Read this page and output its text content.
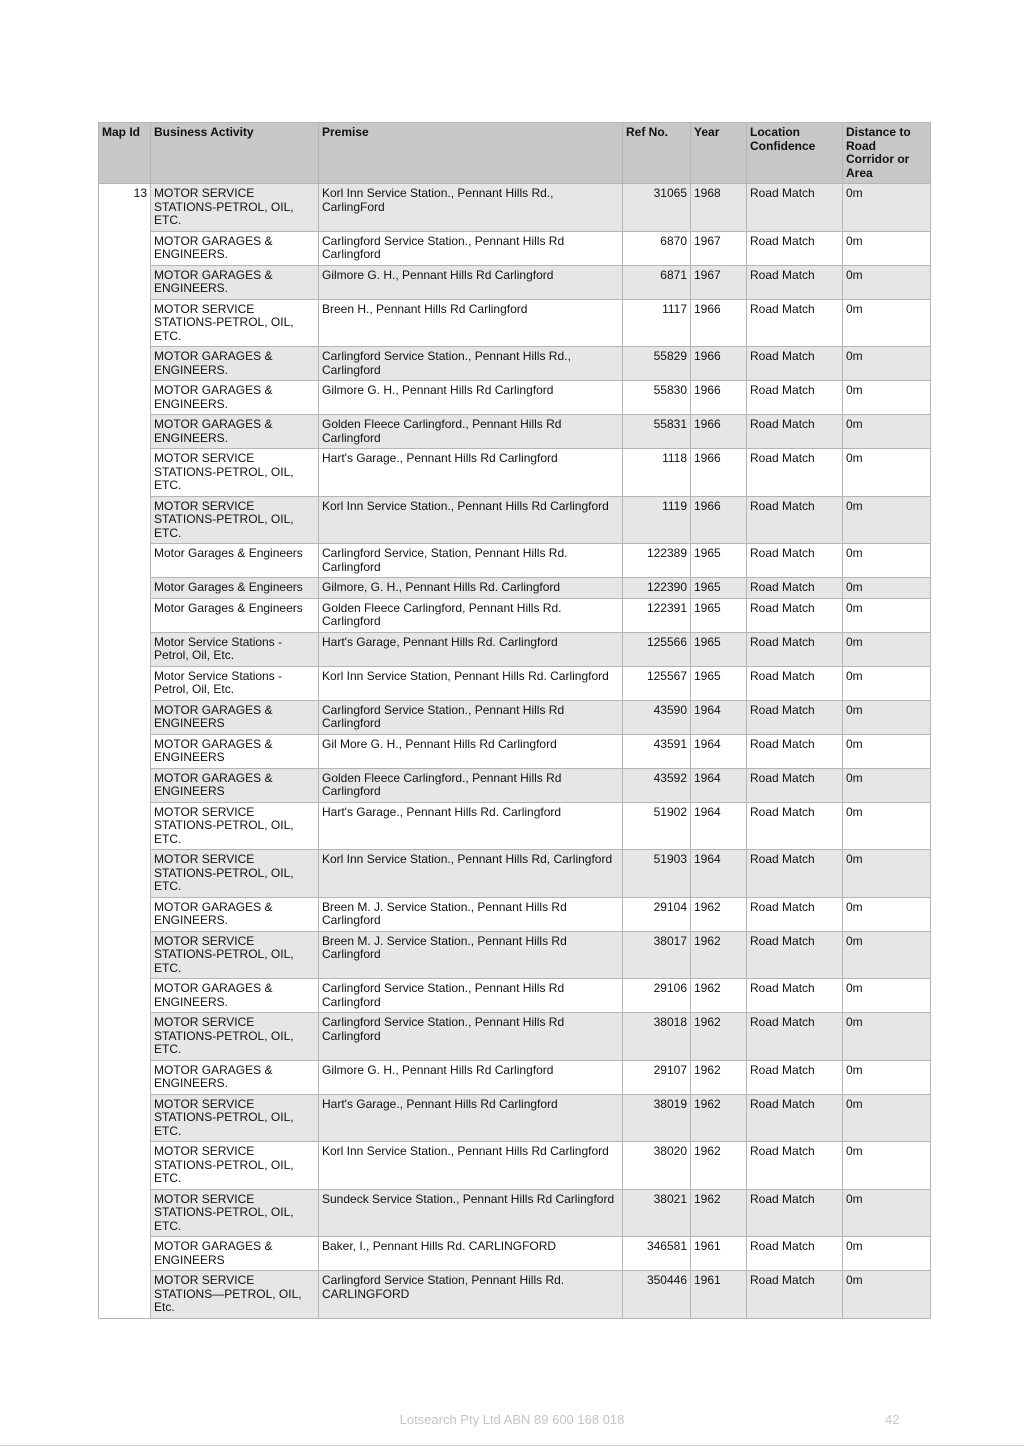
Map Id	Business Activity	Premise	Ref No.	Year	Location Confidence	Distance to Road Corridor or Area
13	MOTOR SERVICE STATIONS-PETROL, OIL, ETC.	Korl Inn Service Station., Pennant Hills Rd., CarlingFord	31065	1968	Road Match	0m
	MOTOR GARAGES & ENGINEERS.	Carlingford Service Station., Pennant Hills Rd Carlingford	6870	1967	Road Match	0m
	MOTOR GARAGES & ENGINEERS.	Gilmore G. H., Pennant Hills Rd Carlingford	6871	1967	Road Match	0m
	MOTOR SERVICE STATIONS-PETROL, OIL, ETC.	Breen H., Pennant Hills Rd Carlingford	1117	1966	Road Match	0m
	MOTOR GARAGES & ENGINEERS.	Carlingford Service Station., Pennant Hills Rd., Carlingford	55829	1966	Road Match	0m
	MOTOR GARAGES & ENGINEERS.	Gilmore G. H., Pennant Hills Rd Carlingford	55830	1966	Road Match	0m
	MOTOR GARAGES & ENGINEERS.	Golden Fleece Carlingford., Pennant Hills Rd Carlingford	55831	1966	Road Match	0m
	MOTOR SERVICE STATIONS-PETROL, OIL, ETC.	Hart's Garage., Pennant Hills Rd Carlingford	1118	1966	Road Match	0m
	MOTOR SERVICE STATIONS-PETROL, OIL, ETC.	Korl Inn Service Station., Pennant Hills Rd Carlingford	1119	1966	Road Match	0m
	Motor Garages & Engineers	Carlingford Service, Station, Pennant Hills Rd. Carlingford	122389	1965	Road Match	0m
	Motor Garages & Engineers	Gilmore, G. H., Pennant Hills Rd. Carlingford	122390	1965	Road Match	0m
	Motor Garages & Engineers	Golden Fleece Carlingford, Pennant Hills Rd. Carlingford	122391	1965	Road Match	0m
	Motor Service Stations - Petrol, Oil, Etc.	Hart's Garage, Pennant Hills Rd. Carlingford	125566	1965	Road Match	0m
	Motor Service Stations - Petrol, Oil, Etc.	Korl Inn Service Station, Pennant Hills Rd. Carlingford	125567	1965	Road Match	0m
	MOTOR GARAGES & ENGINEERS	Carlingford Service Station., Pennant Hills Rd Carlingford	43590	1964	Road Match	0m
	MOTOR GARAGES & ENGINEERS	Gil More G. H., Pennant Hills Rd Carlingford	43591	1964	Road Match	0m
	MOTOR GARAGES & ENGINEERS	Golden Fleece Carlingford., Pennant Hills Rd Carlingford	43592	1964	Road Match	0m
	MOTOR SERVICE STATIONS-PETROL, OIL, ETC.	Hart's Garage., Pennant Hills Rd. Carlingford	51902	1964	Road Match	0m
	MOTOR SERVICE STATIONS-PETROL, OIL, ETC.	Korl Inn Service Station., Pennant Hills Rd, Carlingford	51903	1964	Road Match	0m
	MOTOR GARAGES & ENGINEERS.	Breen M. J. Service Station., Pennant Hills Rd Carlingford	29104	1962	Road Match	0m
	MOTOR SERVICE STATIONS-PETROL, OIL, ETC.	Breen M. J. Service Station., Pennant Hills Rd Carlingford	38017	1962	Road Match	0m
	MOTOR GARAGES & ENGINEERS.	Carlingford Service Station., Pennant Hills Rd Carlingford	29106	1962	Road Match	0m
	MOTOR SERVICE STATIONS-PETROL, OIL, ETC.	Carlingford Service Station., Pennant Hills Rd Carlingford	38018	1962	Road Match	0m
	MOTOR GARAGES & ENGINEERS.	Gilmore G. H., Pennant Hills Rd Carlingford	29107	1962	Road Match	0m
	MOTOR SERVICE STATIONS-PETROL, OIL, ETC.	Hart's Garage., Pennant Hills Rd Carlingford	38019	1962	Road Match	0m
	MOTOR SERVICE STATIONS-PETROL, OIL, ETC.	Korl Inn Service Station., Pennant Hills Rd Carlingford	38020	1962	Road Match	0m
	MOTOR SERVICE STATIONS-PETROL, OIL, ETC.	Sundeck Service Station., Pennant Hills Rd Carlingford	38021	1962	Road Match	0m
	MOTOR GARAGES & ENGINEERS	Baker, I., Pennant Hills Rd. CARLINGFORD	346581	1961	Road Match	0m
	MOTOR SERVICE STATIONS—PETROL, OIL, Etc.	Carlingford Service Station, Pennant Hills Rd. CARLINGFORD	350446	1961	Road Match	0m
Lotsearch Pty Ltd ABN 89 600 168 018	42
